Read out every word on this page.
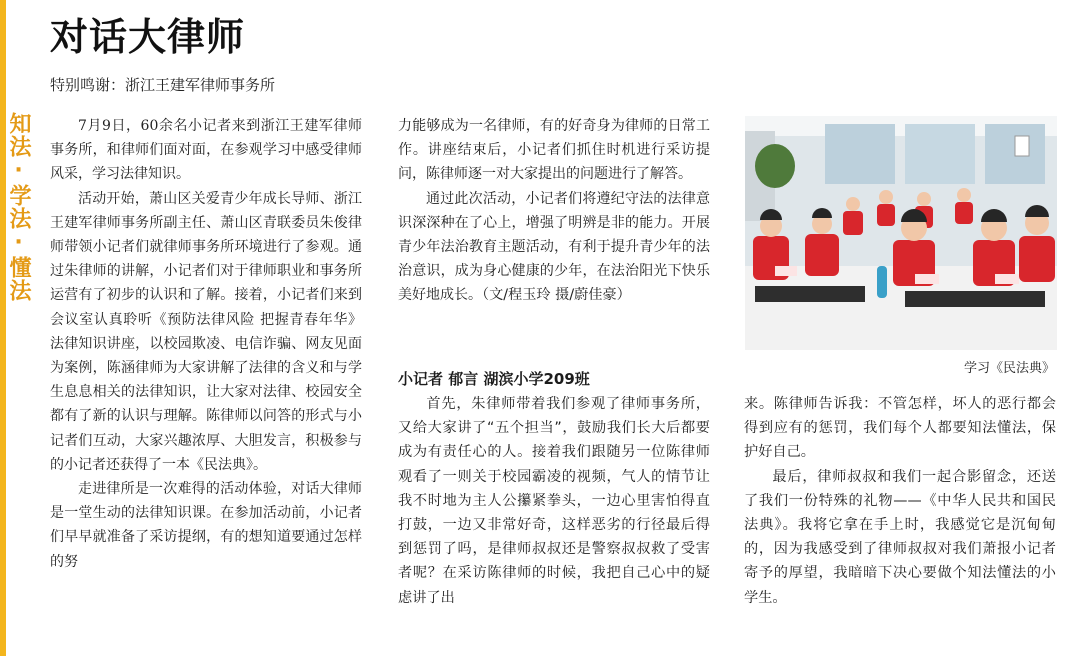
知法·学法·懂法
对话大律师
特别鸣谢：浙江王建军律师事务所

7月9日，60余名小记者来到浙江王建军律师事务所，和律师们面对面，在参观学习中感受律师风采，学习法律知识。

活动开始，萧山区关爱青少年成长导师、浙江王建军律师事务所副主任、萧山区青联委员朱俊律师带领小记者们就律师事务所环境进行了参观。通过朱律师的讲解，小记者们对于律师职业和事务所运营有了初步的认识和了解。接着，小记者们来到会议室认真聆听《预防法律风险 把握青春年华》法律知识讲座，以校园欺凌、电信诈骗、网友见面为案例，陈涵律师为大家讲解了法律的含义和与学生息息相关的法律知识，让大家对法律、校园安全都有了新的认识与理解。陈律师以问答的形式与小记者们互动，大家兴趣浓厚、大胆发言，积极参与的小记者还获得了一本《民法典》。

走进律所是一次难得的活动体验，对话大律师是一堂生动的法律知识课。在参加活动前，小记者们早早就准备了采访提纲，有的想知道要通过怎样的努

力能够成为一名律师，有的好奇身为律师的日常工作。讲座结束后，小记者们抓住时机进行采访提问，陈律师逐一对大家提出的问题进行了解答。

通过此次活动，小记者们将遵纪守法的法律意识深深种在了心上，增强了明辨是非的能力。开展青少年法治教育主题活动，有利于提升青少年的法治意识，成为身心健康的少年，在法治阳光下快乐美好地成长。（文/程玉玲 摄/蔚佳豪）

小记者 郁言 湖滨小学209班

首先，朱律师带着我们参观了律师事务所，又给大家讲了“五个担当”，鼓励我们长大后都要成为有责任心的人。接着我们跟随另一位陈律师观看了一则关于校园霸凌的视频，气人的情节让我不时地为主人公攥紧拳头，一边心里害怕得直打鼓，一边又非常好奇，这样恶劣的行径最后得到惩罚了吗，是律师叔叔还是警察叔叔救了受害者呢？在采访陈律师的时候，我把自己心中的疑虑讲了出

来。陈律师告诉我：不管怎样，坏人的恶行都会得到应有的惩罚，我们每个人都要知法懂法，保护好自己。

最后，律师叔叔和我们一起合影留念，还送了我们一份特殊的礼物——《中华人民共和国民法典》。我将它拿在手上时，我感觉它是沉甸甸的，因为我感受到了律师叔叔对我们萧报小记者寄予的厚望，我暗暗下决心要做个知法懂法的小学生。

学习《民法典》
